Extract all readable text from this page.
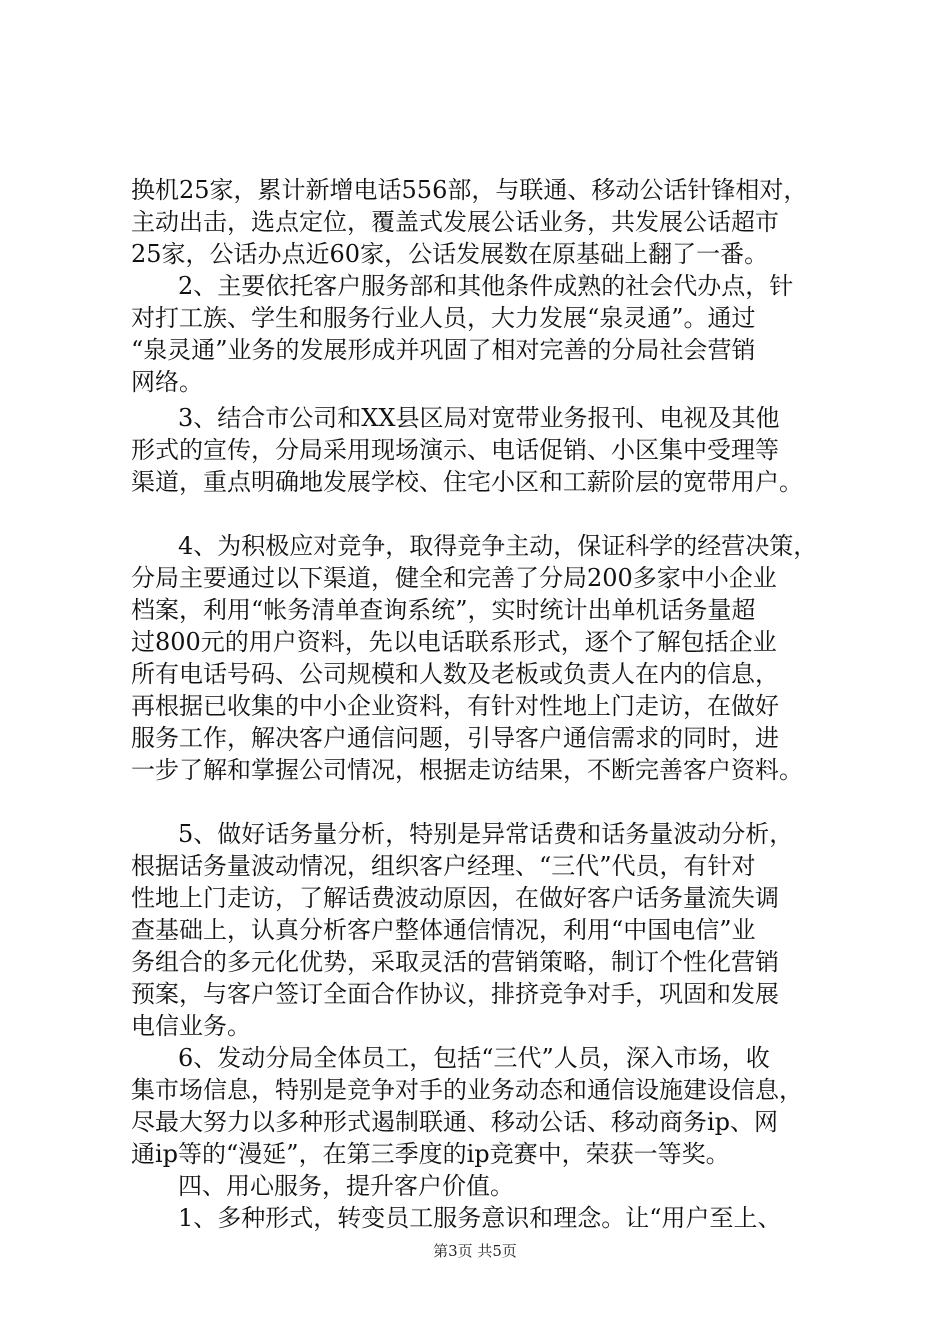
换机25家，累计新增电话556部，与联通、移动公话针锋相对，
主动出击，选点定位，覆盖式发展公话业务，共发展公话超市
25家，公话办点近60家，公话发展数在原基础上翻了一番。
2、主要依托客户服务部和其他条件成熟的社会代办点，针
对打工族、学生和服务行业人员，大力发展“泉灵通”。通过
“泉灵通”业务的发展形成并巩固了相对完善的分局社会营销
网络。
3、结合市公司和XX县区局对宽带业务报刊、电视及其他
形式的宣传，分局采用现场演示、电话促销、小区集中受理等
渠道，重点明确地发展学校、住宅小区和工薪阶层的宽带用户。
4、为积极应对竞争，取得竞争主动，保证科学的经营决策，
分局主要通过以下渠道，健全和完善了分局200多家中小企业
档案，利用“帐务清单查询系统”，实时统计出单机话务量超
过800元的用户资料，先以电话联系形式，逐个了解包括企业
所有电话号码、公司规模和人数及老板或负责人在内的信息，
再根据已收集的中小企业资料，有针对性地上门走访，在做好
服务工作，解决客户通信问题，引导客户通信需求的同时，进
一步了解和掌握公司情况，根据走访结果，不断完善客户资料。
5、做好话务量分析，特别是异常话费和话务量波动分析，
根据话务量波动情况，组织客户经理、“三代”代员，有针对
性地上门走访，了解话费波动原因，在做好客户话务量流失调
查基础上，认真分析客户整体通信情况，利用“中国电信”业
务组合的多元化优势，采取灵活的营销策略，制订个性化营销
预案，与客户签订全面合作协议，排挤竞争对手，巩固和发展
电信业务。
6、发动分局全体员工，包括“三代”人员，深入市场，收
集市场信息，特别是竞争对手的业务动态和通信设施建设信息，
尽最大努力以多种形式遏制联通、移动公话、移动商务ip、网
通ip等的“漫延”，在第三季度的ip竞赛中，荣获一等奖。
四、用心服务，提升客户价值。
1、多种形式，转变员工服务意识和理念。让“用户至上、
第3页 共5页
